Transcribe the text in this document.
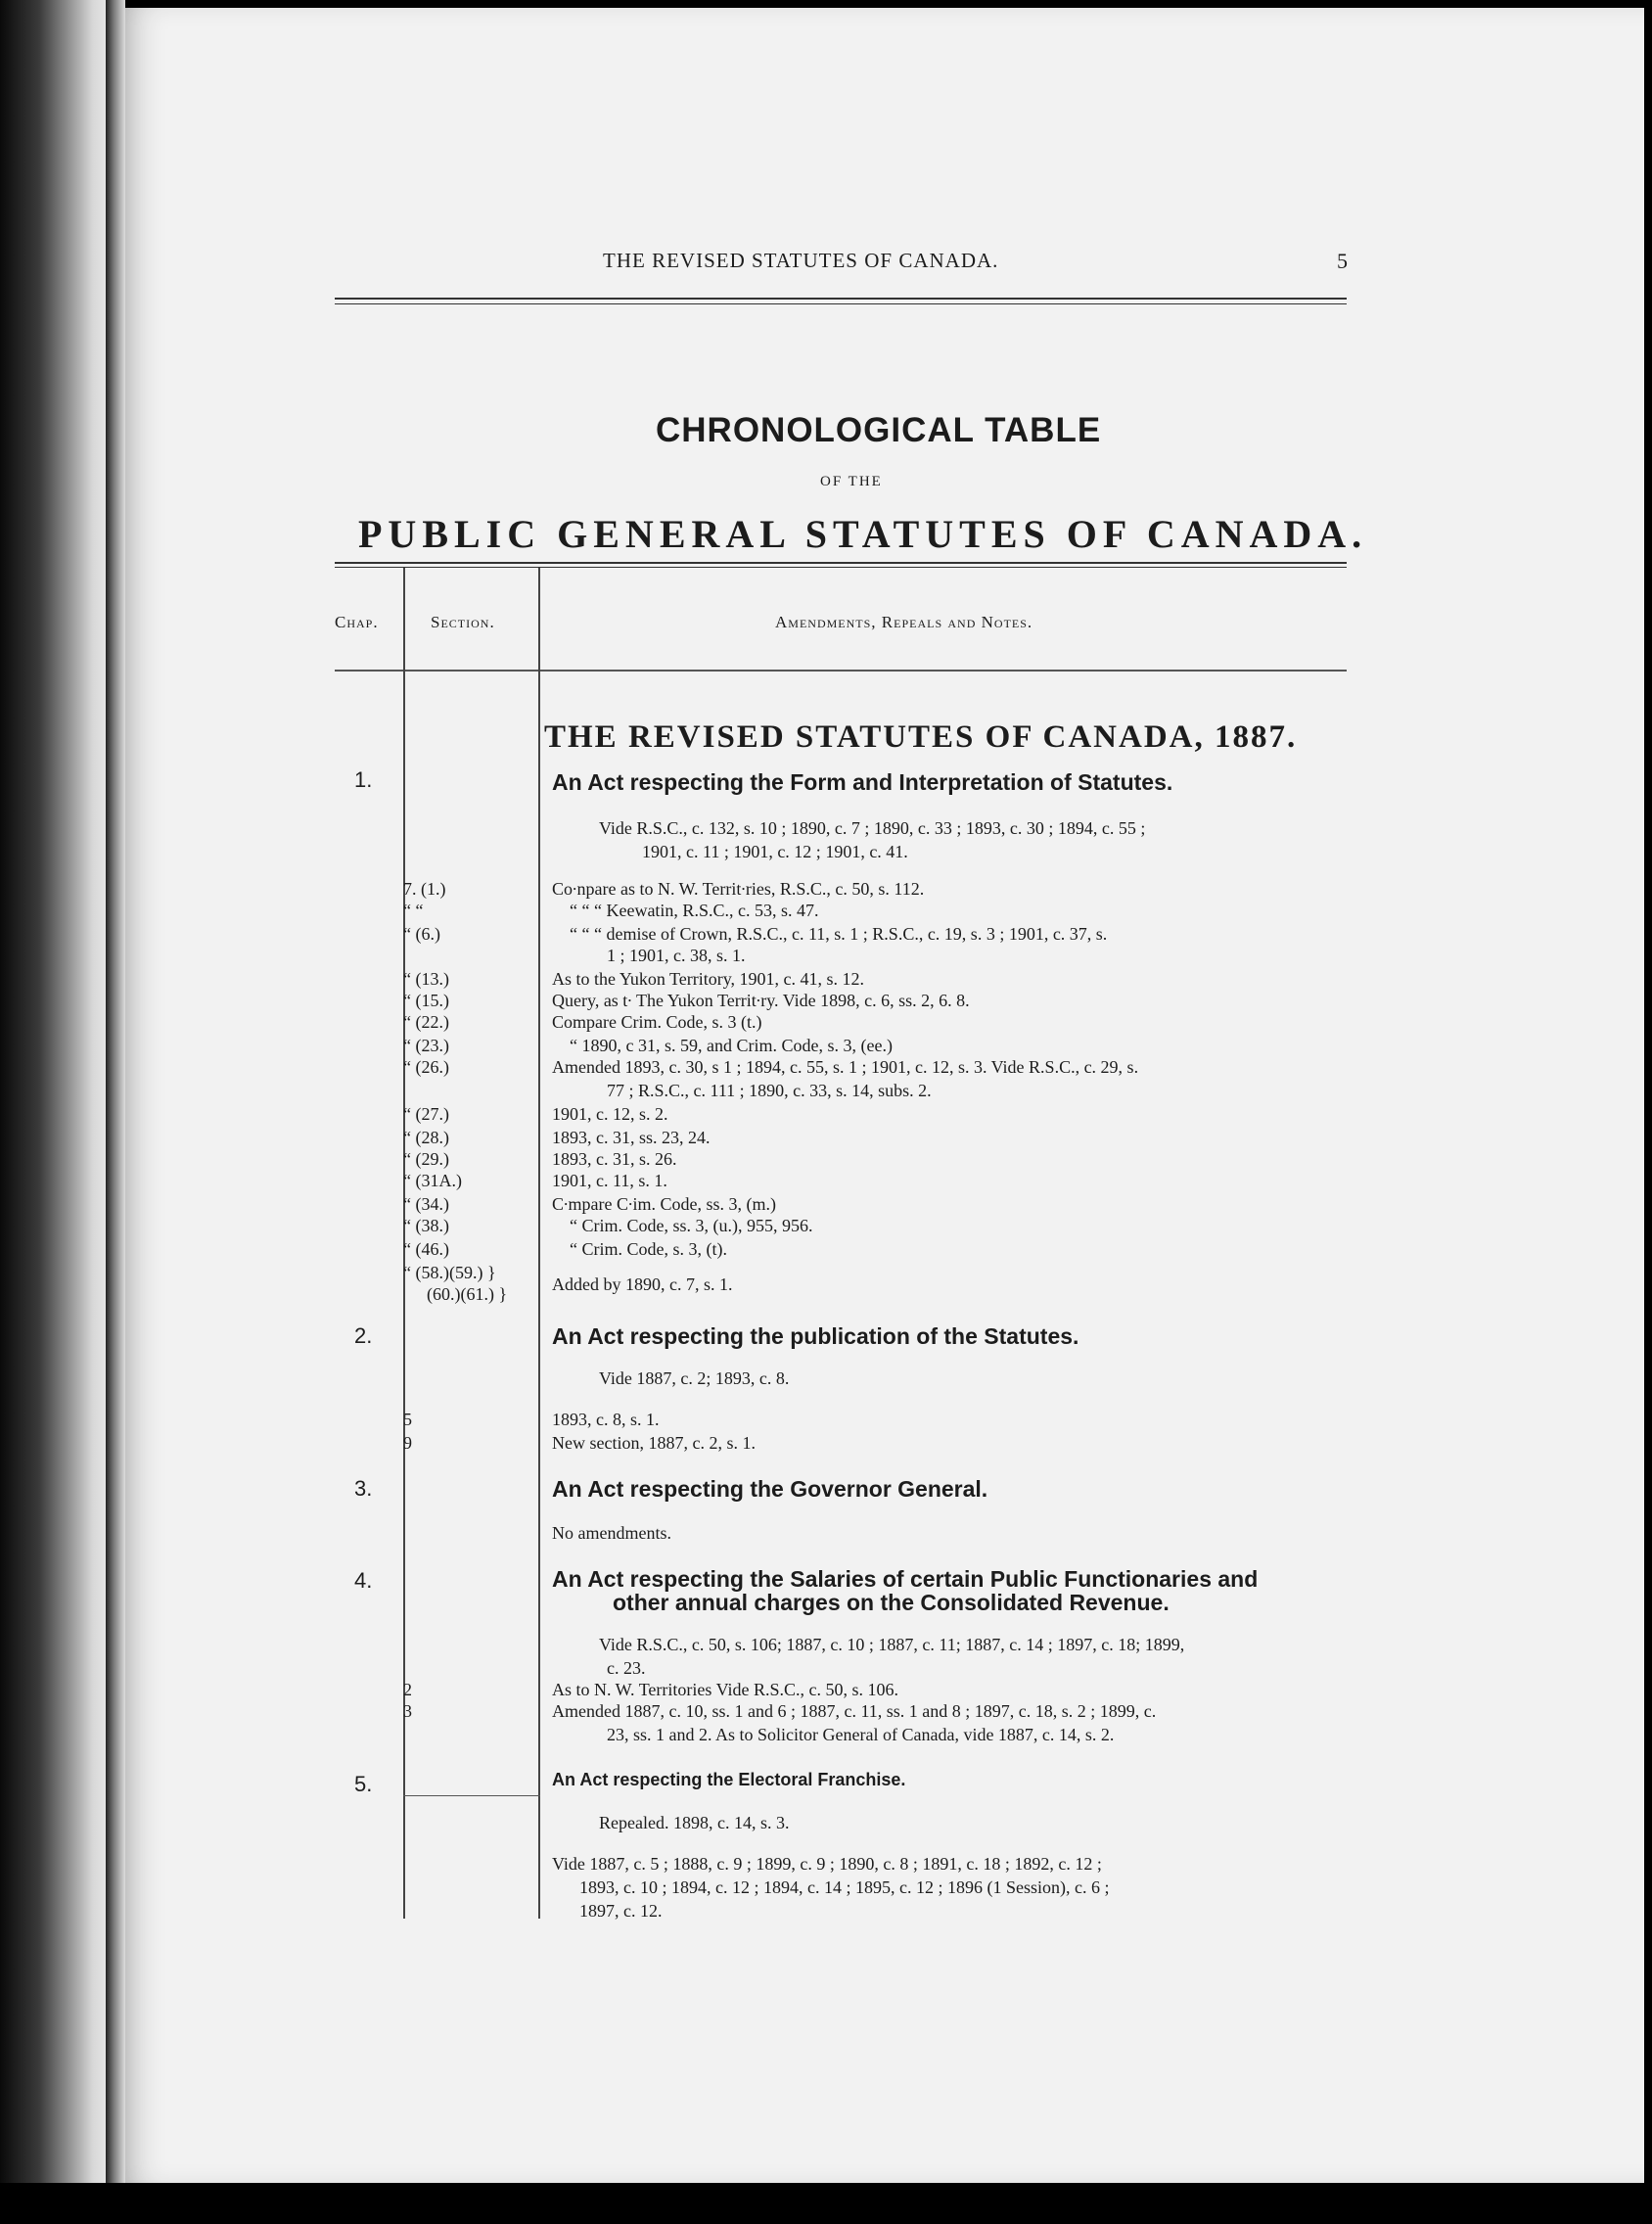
THE REVISED STATUTES OF CANADA.	5
CHRONOLOGICAL TABLE
OF THE
PUBLIC GENERAL STATUTES OF CANADA.
Chap.	Section.	Amendments, Repeals and Notes.
THE REVISED STATUTES OF CANADA, 1887.
1.	An Act respecting the Form and Interpretation of Statutes.
Vide R.S.C., c. 132, s. 10 ; 1890, c. 7 ; 1890, c. 33 ; 1893, c. 30 ; 1894, c. 55 ;
1901, c. 11 ; 1901, c. 12 ; 1901, c. 41.
7. (1.)	Co∙npare as to N. W. Territ∙ries, R.S.C., c. 50, s. 112.
“ “	“ “ “ Keewatin, R.S.C., c. 53, s. 47.
“ (6.)	“ “ “ demise of Crown, R.S.C., c. 11, s. 1 ; R.S.C., c. 19, s. 3 ; 1901, c. 37, s.
1 ; 1901, c. 38, s. 1.
“ (13.)	As to the Yukon Territory, 1901, c. 41, s. 12.
“ (15.)	Query, as t∙ The Yukon Territ∙ry. Vide 1898, c. 6, ss. 2, 6. 8.
“ (22.)	Compare Crim. Code, s. 3 (t.)
“ (23.)	“ 1890, c 31, s. 59, and Crim. Code, s. 3, (ee.)
“ (26.)	Amended 1893, c. 30, s 1 ; 1894, c. 55, s. 1 ; 1901, c. 12, s. 3. Vide R.S.C., c. 29, s.
77 ; R.S.C., c. 111 ; 1890, c. 33, s. 14, subs. 2.
“ (27.)	1901, c. 12, s. 2.
“ (28.)	1893, c. 31, ss. 23, 24.
“ (29.)	1893, c. 31, s. 26.
“ (31A.)	1901, c. 11, s. 1.
“ (34.)	C∙mpare C∙im. Code, ss. 3, (m.)
“ (38.)	“ Crim. Code, ss. 3, (u.), 955, 956.
“ (46.)	“ Crim. Code, s. 3, (t).
“ (58.)(59.) }
(60.)(61.) }	Added by 1890, c. 7, s. 1.
2.	An Act respecting the publication of the Statutes.
Vide 1887, c. 2; 1893, c. 8.
5	1893, c. 8, s. 1.
9	New section, 1887, c. 2, s. 1.
3.	An Act respecting the Governor General.
No amendments.
4.	An Act respecting the Salaries of certain Public Functionaries and
other annual charges on the Consolidated Revenue.
Vide R.S.C., c. 50, s. 106; 1887, c. 10 ; 1887, c. 11; 1887, c. 14 ; 1897, c. 18; 1899,
c. 23.
2	As to N. W. Territories Vide R.S.C., c. 50, s. 106.
3	Amended 1887, c. 10, ss. 1 and 6 ; 1887, c. 11, ss. 1 and 8 ; 1897, c. 18, s. 2 ; 1899, c.
23, ss. 1 and 2. As to Solicitor General of Canada, vide 1887, c. 14, s. 2.
5.	An Act respecting the Electoral Franchise.
Repealed. 1898, c. 14, s. 3.
Vide 1887, c. 5 ; 1888, c. 9 ; 1899, c. 9 ; 1890, c. 8 ; 1891, c. 18 ; 1892, c. 12 ;
1893, c. 10 ; 1894, c. 12 ; 1894, c. 14 ; 1895, c. 12 ; 1896 (1 Session), c. 6 ;
1897, c. 12.
